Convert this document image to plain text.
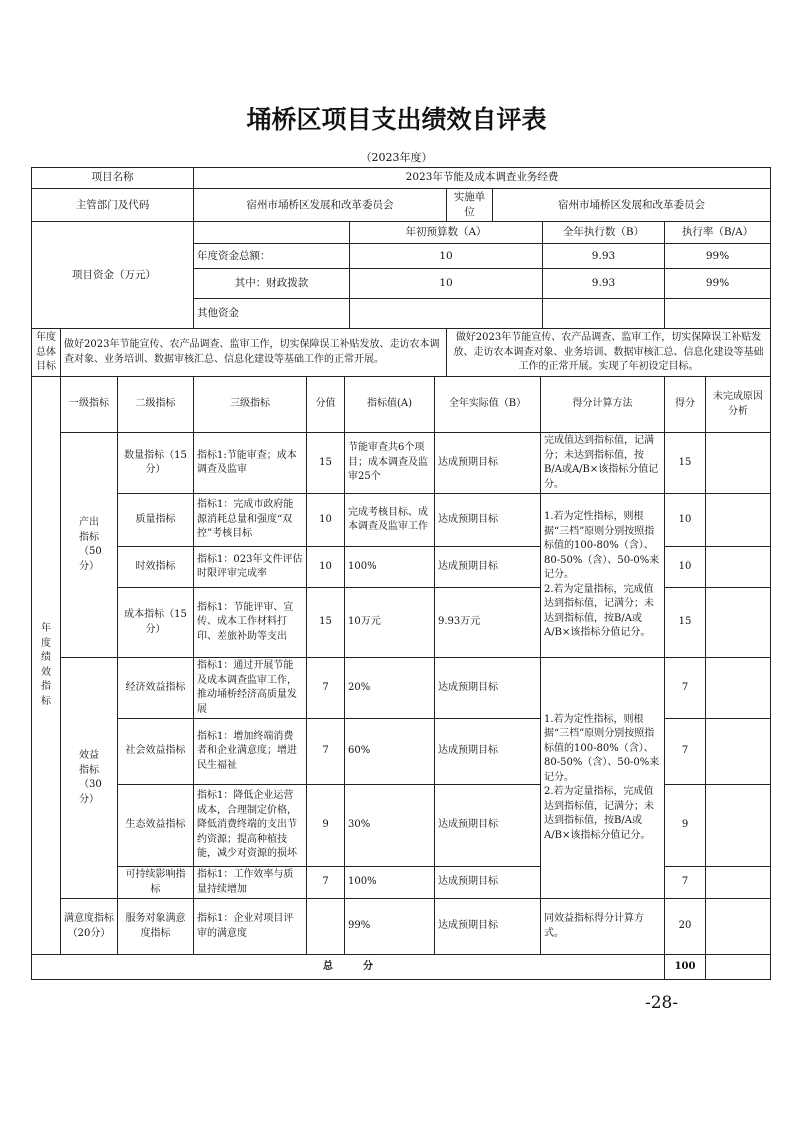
埇桥区项目支出绩效自评表
（2023年度）
项目名称		2023年节能及成本调查业务经费					
主管部门及代码		宿州市埇桥区发展和改革委员会		实施单位	宿州市埇桥区发展和改革委员会		
项目资金（万元）			年初预算数（A）			全年执行数（B）	执行率（B/A）
		年度资金总额：	10			9.93	99%
		其中：财政拨款	10			9.93	99%
		其他资金					
年度总体目标	做好2023年节能宣传、农产品调查、监审工作，切实保障误工补贴发放、走访农本调查对象、业务培训、数据审核汇总、信息化建设等基础工作的正常开展。			做好2023年节能宣传、农产品调查、监审工作，切实保障误工补贴发放、走访农本调查对象、业务培训、数据审核汇总、信息化建设等基础工作的正常开展。实现了年初设定目标。			
年度绩效指标	一级指标	二级指标	三级指标	分值	指标值(A)	全年实际值（B）	得分计算方法	得分	未完成原因分析
	产出指标（50分）	数量指标（15分）	指标1:节能审查；成本调查及监审	15	节能审查共6个项目；成本调查及监审25个	达成预期目标	完成值达到指标值，记满分；未达到指标值，按B/A或A/B×该指标分值记分。	15	
		质量指标	指标1：完成市政府能源消耗总量和强度“双控”考核目标	10	完成考核目标、成本调查及监审工作	达成预期目标	1.若为定性指标，则根据“三档”原则分别按照指标值的100-80%（含）、80-50%（含）、50-0%来记分。
2.若为定量指标，完成值达到指标值，记满分；未达到指标值，按B/A或A/B×该指标分值记分。	10	
		时效指标	指标1：023年文件评估时限评审完成率	10	100%	达成预期目标		10	
		成本指标（15分）	指标1：节能评审、宣传、成本工作材料打印、差旅补助等支出	15	10万元	9.93万元		15	
	效益指标（30分）	经济效益指标	指标1：通过开展节能及成本调查监审工作，推动埇桥经济高质量发展	7	20%	达成预期目标	1.若为定性指标，则根据“三档”原则分别按照指标值的100-80%（含）、80-50%（含）、50-0%来记分。
2.若为定量指标，完成值达到指标值，记满分；未达到指标值，按B/A或A/B×该指标分值记分。	7	
		社会效益指标	指标1：增加终端消费者和企业满意度；增进民生福祉	7	60%	达成预期目标		7	
		生态效益指标	指标1：降低企业运营成本，合理制定价格，降低消费终端的支出节约资源；提高种植技能，减少对资源的损坏	9	30%	达成预期目标		9	
		可持续影响指标	指标1：工作效率与质量持续增加	7	100%	达成预期目标		7	
	满意度指标（20分）	服务对象满意度指标	指标1：企业对项目评审的满意度		99%	达成预期目标	同效益指标得分计算方式。	20	
总　　　分								100	
-28-
